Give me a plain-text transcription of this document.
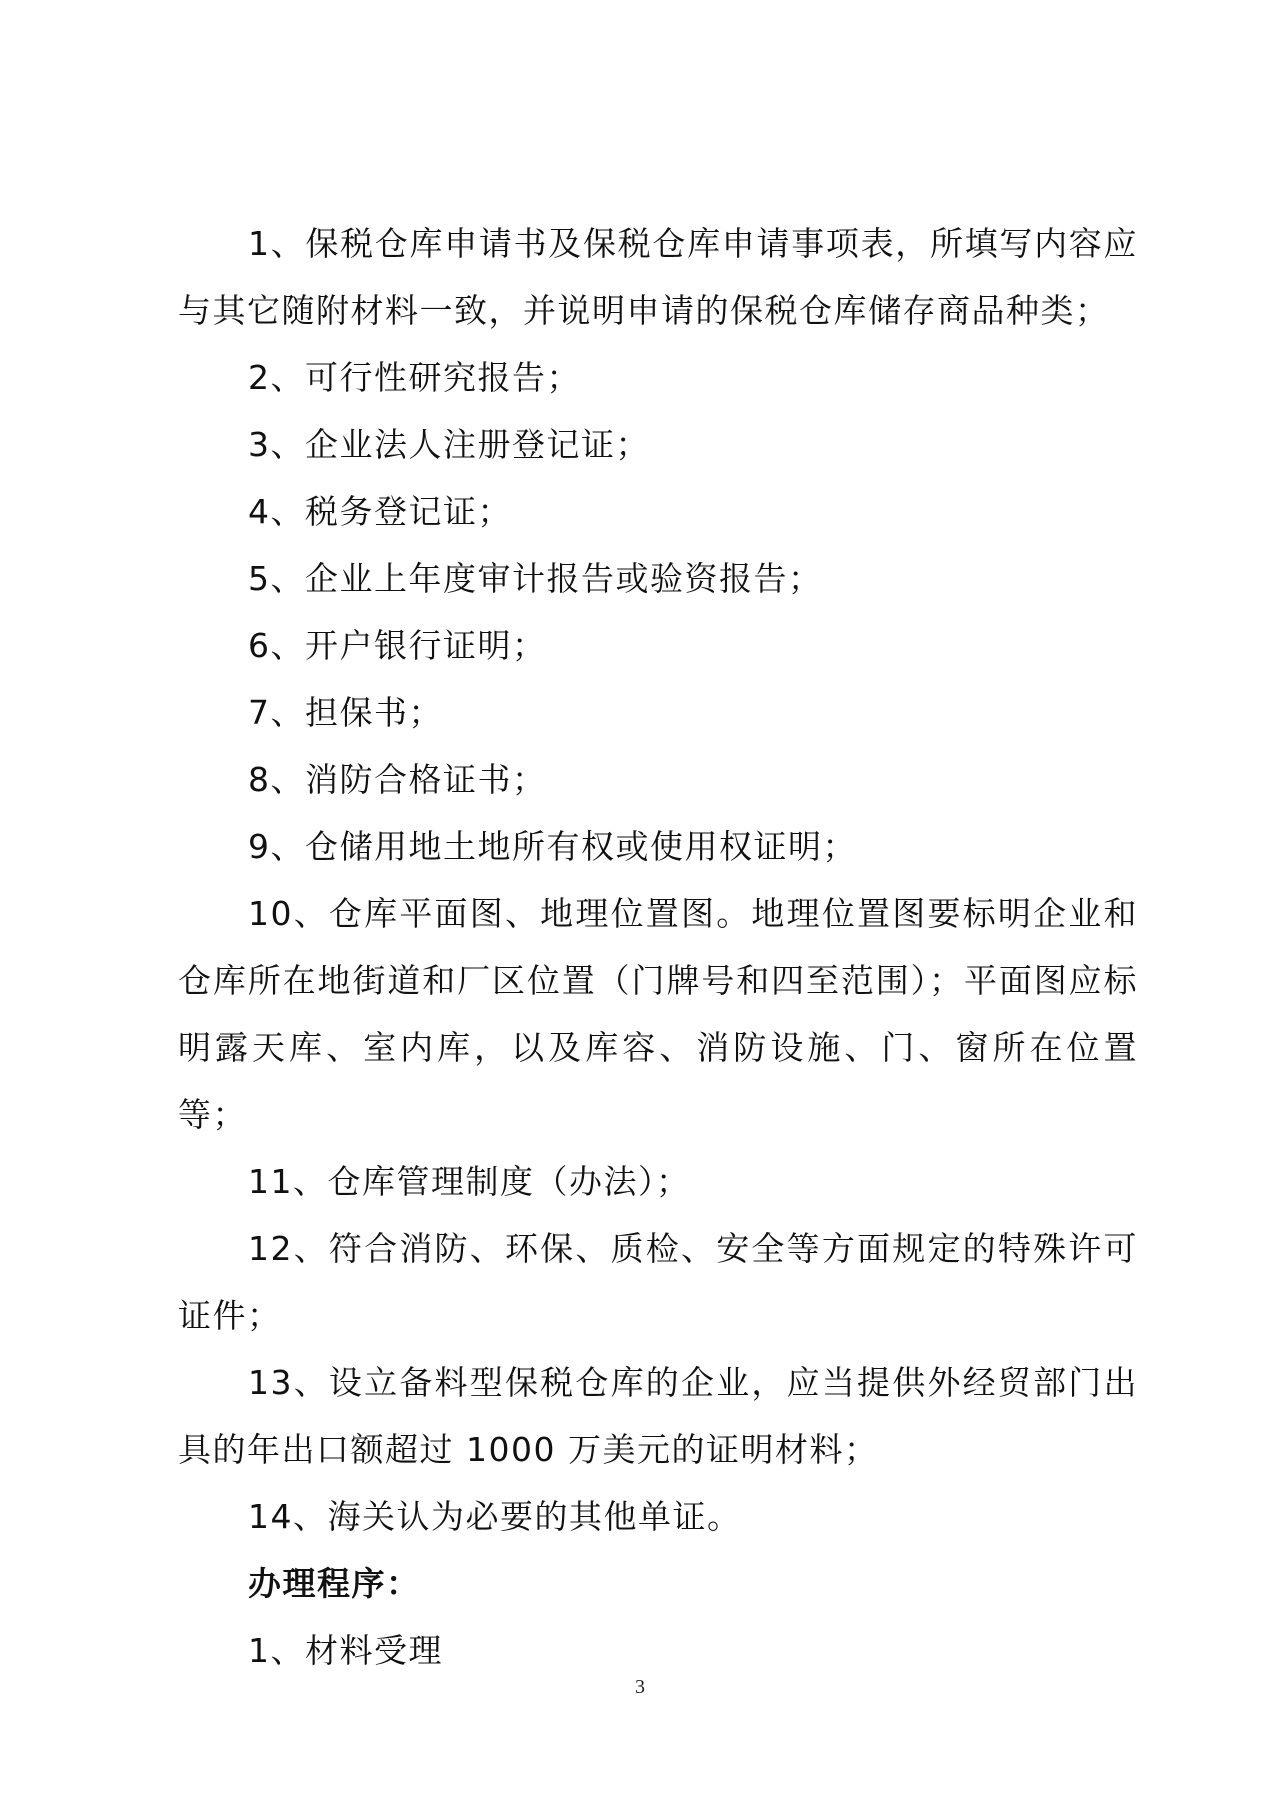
1、保税仓库申请书及保税仓库申请事项表，所填写内容应与其它随附材料一致，并说明申请的保税仓库储存商品种类；

2、可行性研究报告；

3、企业法人注册登记证；

4、税务登记证；

5、企业上年度审计报告或验资报告；

6、开户银行证明；

7、担保书；

8、消防合格证书；

9、仓储用地土地所有权或使用权证明；

10、仓库平面图、地理位置图。地理位置图要标明企业和仓库所在地街道和厂区位置（门牌号和四至范围）；平面图应标明露天库、室内库，以及库容、消防设施、门、窗所在位置等；

11、仓库管理制度（办法）；

12、符合消防、环保、质检、安全等方面规定的特殊许可证件；

13、设立备料型保税仓库的企业，应当提供外经贸部门出具的年出口额超过 1000 万美元的证明材料；

14、海关认为必要的其他单证。

办理程序：

1、材料受理

3
